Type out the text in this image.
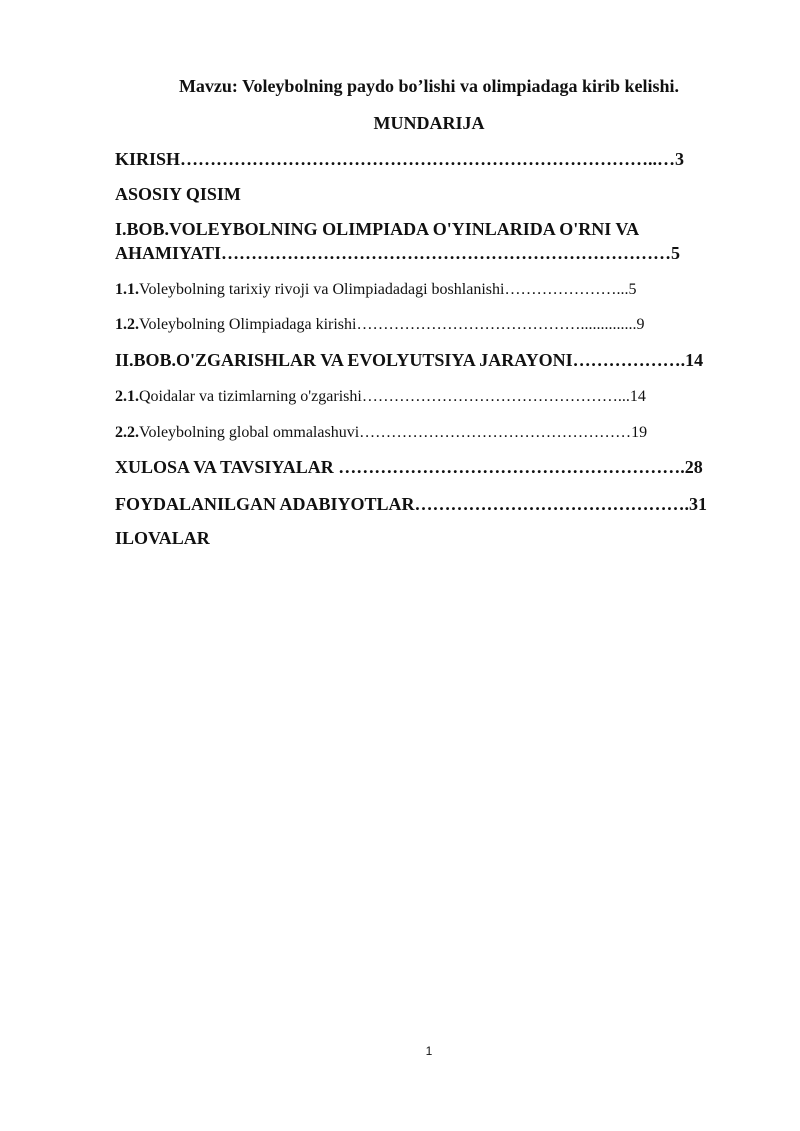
Mavzu: Voleybolning paydo bo’lishi va olimpiadaga kirib kelishi.
MUNDARIJA
KIRISH……………………………………………………………………..…3
ASOSIY QISIM
I.BOB.VOLEYBOLNING OLIMPIADA O'YINLARIDA O'RNI VA
AHAMIYATI…………………………………………………………………5
1.1.Voleybolning tarixiy rivoji va Olimpiadadagi boshlanishi…………………...5
1.2.Voleybolning Olimpiadaga kirishi……………………………………..............9
II.BOB.O'ZGARISHLAR VA EVOLYUTSIYA JARAYONI……………….14
2.1.Qoidalar va tizimlarning o'zgarishi…………………………………………...14
2.2.Voleybolning global ommalashuvi……………………………………………19
XULOSA VA TAVSIYALAR ………………………………………………….28
FOYDALANILGAN ADABIYOTLAR……………………………………….31
ILOVALAR
1
